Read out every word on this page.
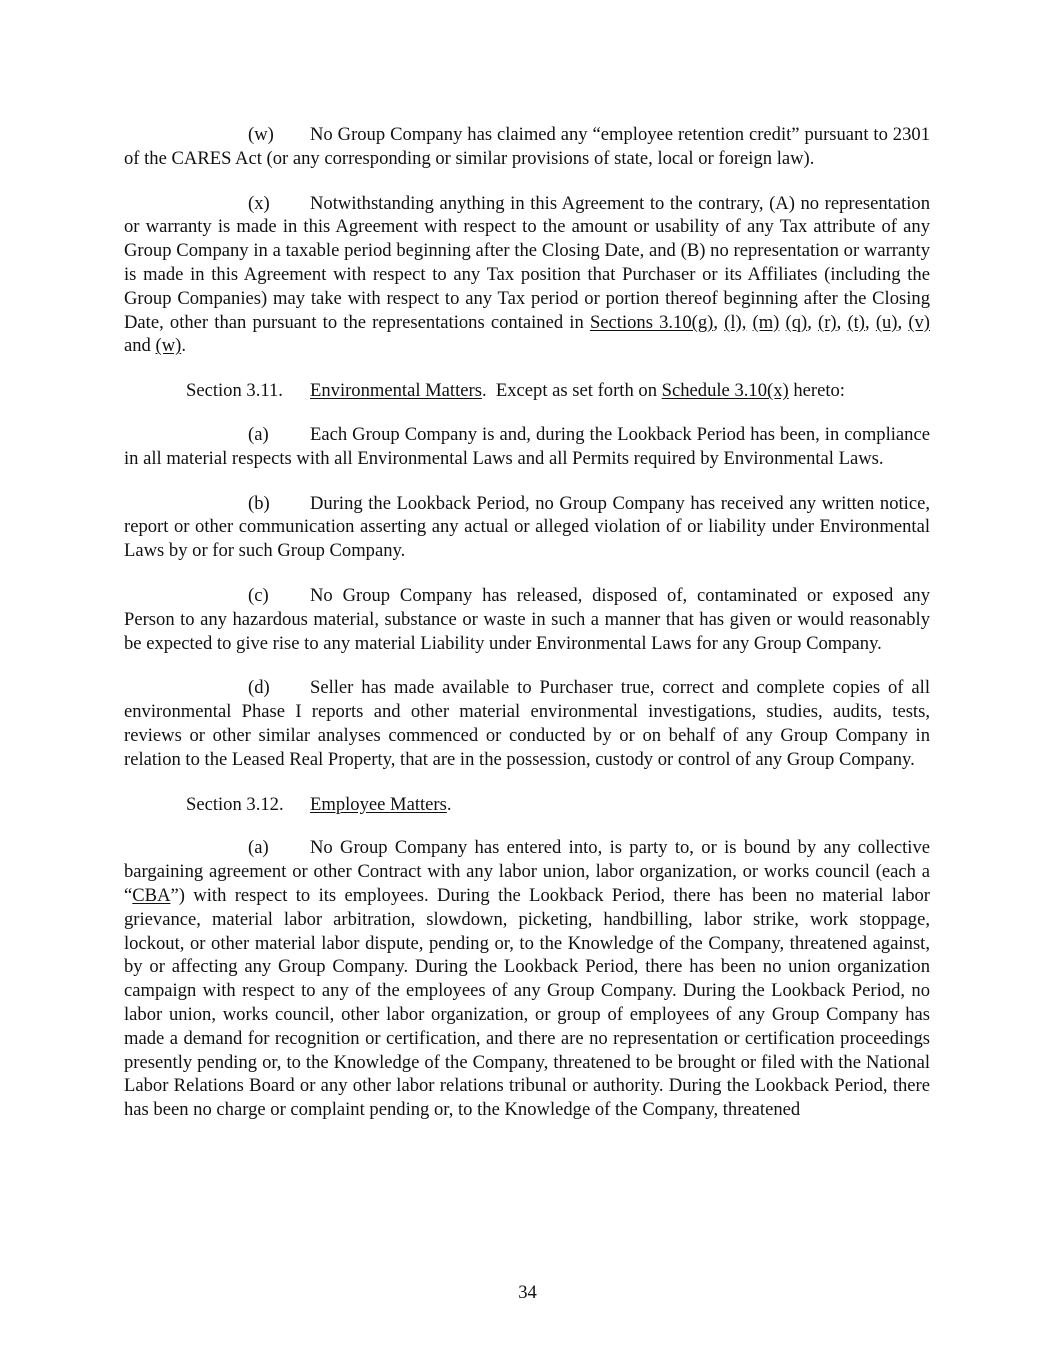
(w) No Group Company has claimed any “employee retention credit” pursuant to 2301 of the CARES Act (or any corresponding or similar provisions of state, local or foreign law).

(x) Notwithstanding anything in this Agreement to the contrary, (A) no representation or warranty is made in this Agreement with respect to the amount or usability of any Tax attribute of any Group Company in a taxable period beginning after the Closing Date, and (B) no representation or warranty is made in this Agreement with respect to any Tax position that Purchaser or its Affiliates (including the Group Companies) may take with respect to any Tax period or portion thereof beginning after the Closing Date, other than pursuant to the representations contained in Sections 3.10(g), (l), (m) (q), (r), (t), (u), (v) and (w).

Section 3.11. Environmental Matters.  Except as set forth on Schedule 3.10(x) hereto:

(a) Each Group Company is and, during the Lookback Period has been, in compliance in all material respects with all Environmental Laws and all Permits required by Environmental Laws.

(b) During the Lookback Period, no Group Company has received any written notice, report or other communication asserting any actual or alleged violation of or liability under Environmental Laws by or for such Group Company.

(c) No Group Company has released, disposed of, contaminated or exposed any Person to any hazardous material, substance or waste in such a manner that has given or would reasonably be expected to give rise to any material Liability under Environmental Laws for any Group Company.

(d) Seller has made available to Purchaser true, correct and complete copies of all environmental Phase I reports and other material environmental investigations, studies, audits, tests, reviews or other similar analyses commenced or conducted by or on behalf of any Group Company in relation to the Leased Real Property, that are in the possession, custody or control of any Group Company.

Section 3.12. Employee Matters.

(a) No Group Company has entered into, is party to, or is bound by any collective bargaining agreement or other Contract with any labor union, labor organization, or works council (each a “CBA”) with respect to its employees. During the Lookback Period, there has been no material labor grievance, material labor arbitration, slowdown, picketing, handbilling, labor strike, work stoppage, lockout, or other material labor dispute, pending or, to the Knowledge of the Company, threatened against, by or affecting any Group Company. During the Lookback Period, there has been no union organization campaign with respect to any of the employees of any Group Company. During the Lookback Period, no labor union, works council, other labor organization, or group of employees of any Group Company has made a demand for recognition or certification, and there are no representation or certification proceedings presently pending or, to the Knowledge of the Company, threatened to be brought or filed with the National Labor Relations Board or any other labor relations tribunal or authority. During the Lookback Period, there has been no charge or complaint pending or, to the Knowledge of the Company, threatened

34
